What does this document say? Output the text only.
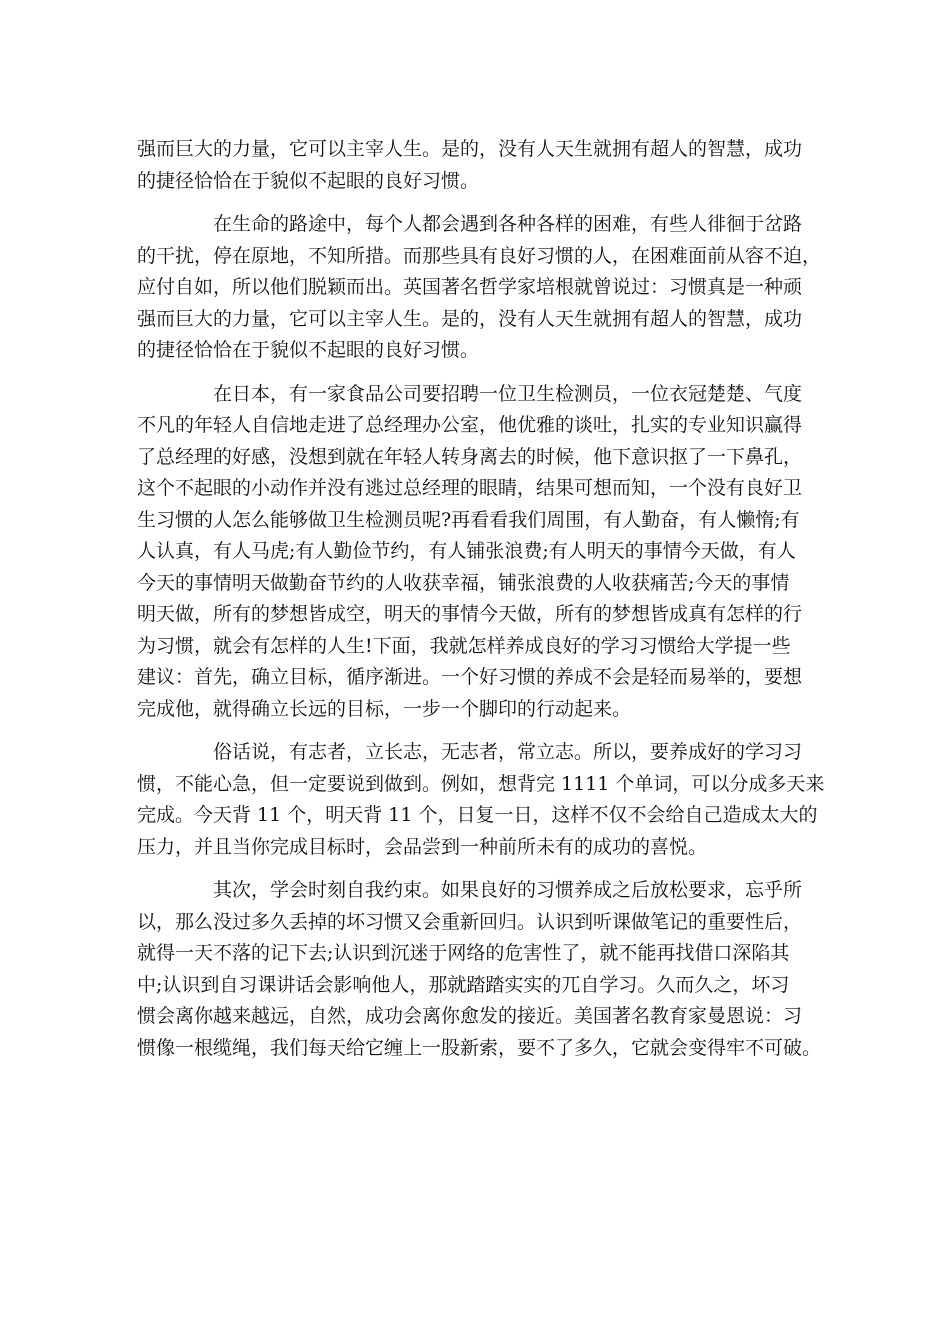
强而巨大的力量，它可以主宰人生。是的，没有人天生就拥有超人的智慧，成功
的捷径恰恰在于貌似不起眼的良好习惯。

在生命的路途中，每个人都会遇到各种各样的困难，有些人徘徊于岔路
的干扰，停在原地，不知所措。而那些具有良好习惯的人，在困难面前从容不迫，
应付自如，所以他们脱颖而出。英国著名哲学家培根就曾说过：习惯真是一种顽
强而巨大的力量，它可以主宰人生。是的，没有人天生就拥有超人的智慧，成功
的捷径恰恰在于貌似不起眼的良好习惯。

在日本，有一家食品公司要招聘一位卫生检测员，一位衣冠楚楚、气度
不凡的年轻人自信地走进了总经理办公室，他优雅的谈吐，扎实的专业知识赢得
了总经理的好感，没想到就在年轻人转身离去的时候，他下意识抠了一下鼻孔，
这个不起眼的小动作并没有逃过总经理的眼睛，结果可想而知，一个没有良好卫
生习惯的人怎么能够做卫生检测员呢?再看看我们周围，有人勤奋，有人懒惰;有
人认真，有人马虎;有人勤俭节约，有人铺张浪费;有人明天的事情今天做，有人
今天的事情明天做勤奋节约的人收获幸福，铺张浪费的人收获痛苦;今天的事情
明天做，所有的梦想皆成空，明天的事情今天做，所有的梦想皆成真有怎样的行
为习惯，就会有怎样的人生!下面，我就怎样养成良好的学习习惯给大学提一些
建议：首先，确立目标，循序渐进。一个好习惯的养成不会是轻而易举的，要想
完成他，就得确立长远的目标，一步一个脚印的行动起来。

俗话说，有志者，立长志，无志者，常立志。所以，要养成好的学习习
惯，不能心急，但一定要说到做到。例如，想背完 1111 个单词，可以分成多天来
完成。今天背 11 个，明天背 11 个，日复一日，这样不仅不会给自己造成太大的
压力，并且当你完成目标时，会品尝到一种前所未有的成功的喜悦。

其次，学会时刻自我约束。如果良好的习惯养成之后放松要求，忘乎所
以，那么没过多久丢掉的坏习惯又会重新回归。认识到听课做笔记的重要性后，
就得一天不落的记下去;认识到沉迷于网络的危害性了，就不能再找借口深陷其
中;认识到自习课讲话会影响他人，那就踏踏实实的兀自学习。久而久之，坏习
惯会离你越来越远，自然，成功会离你愈发的接近。美国著名教育家曼恩说：习
惯像一根缆绳，我们每天给它缠上一股新索，要不了多久，它就会变得牢不可破。
